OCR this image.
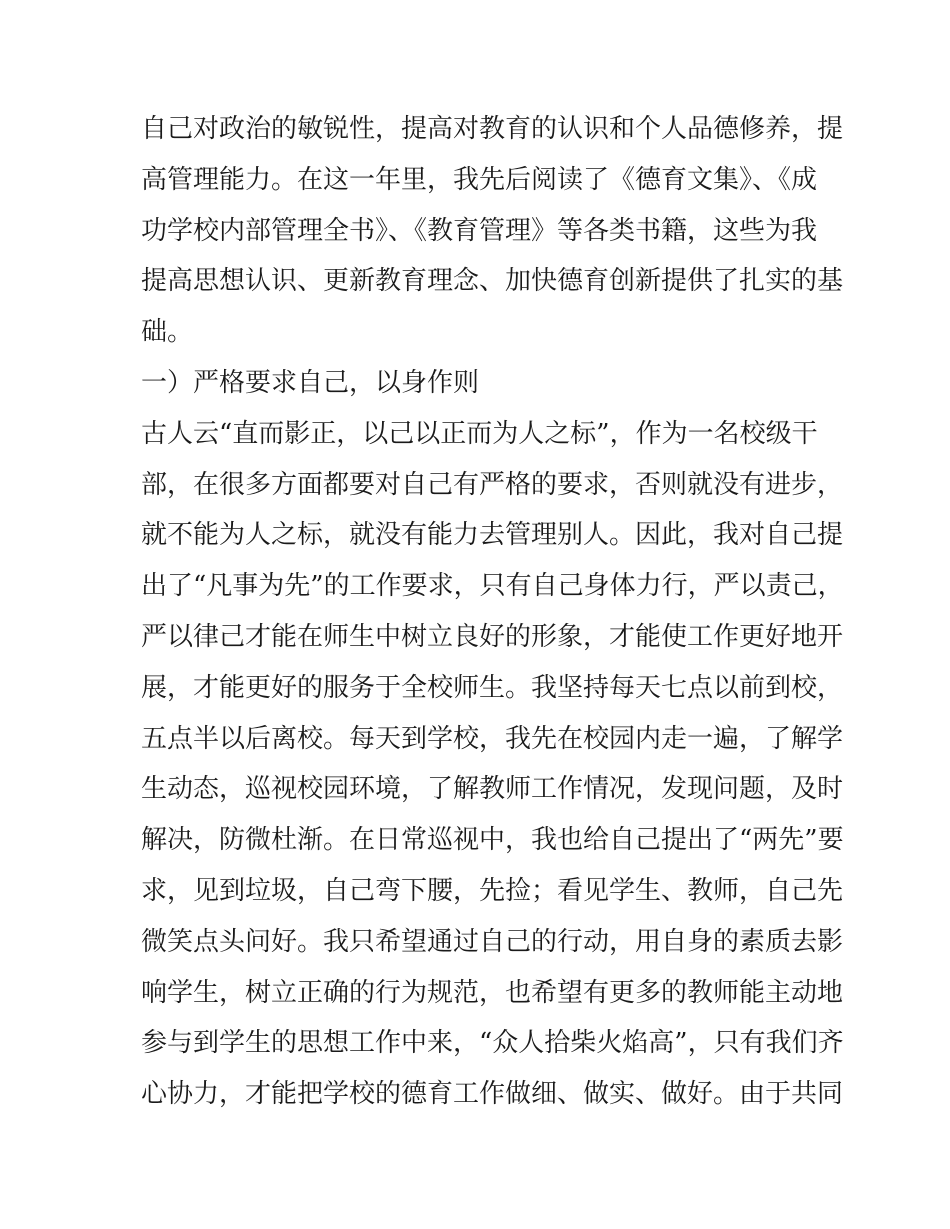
自己对政治的敏锐性，提高对教育的认识和个人品德修养，提
高管理能力。在这一年里，我先后阅读了《德育文集》、《成
功学校内部管理全书》、《教育管理》等各类书籍，这些为我
提高思想认识、更新教育理念、加快德育创新提供了扎实的基
础。
一）严格要求自己，以身作则
古人云“直而影正，以己以正而为人之标”，作为一名校级干
部，在很多方面都要对自己有严格的要求，否则就没有进步，
就不能为人之标，就没有能力去管理别人。因此，我对自己提
出了“凡事为先”的工作要求，只有自己身体力行，严以责己，
严以律己才能在师生中树立良好的形象，才能使工作更好地开
展，才能更好的服务于全校师生。我坚持每天七点以前到校，
五点半以后离校。每天到学校，我先在校园内走一遍，了解学
生动态，巡视校园环境，了解教师工作情况，发现问题，及时
解决，防微杜渐。在日常巡视中，我也给自己提出了“两先”要
求，见到垃圾，自己弯下腰，先捡；看见学生、教师，自己先
微笑点头问好。我只希望通过自己的行动，用自身的素质去影
响学生，树立正确的行为规范，也希望有更多的教师能主动地
参与到学生的思想工作中来，“众人拾柴火焰高”，只有我们齐
心协力，才能把学校的德育工作做细、做实、做好。由于共同
